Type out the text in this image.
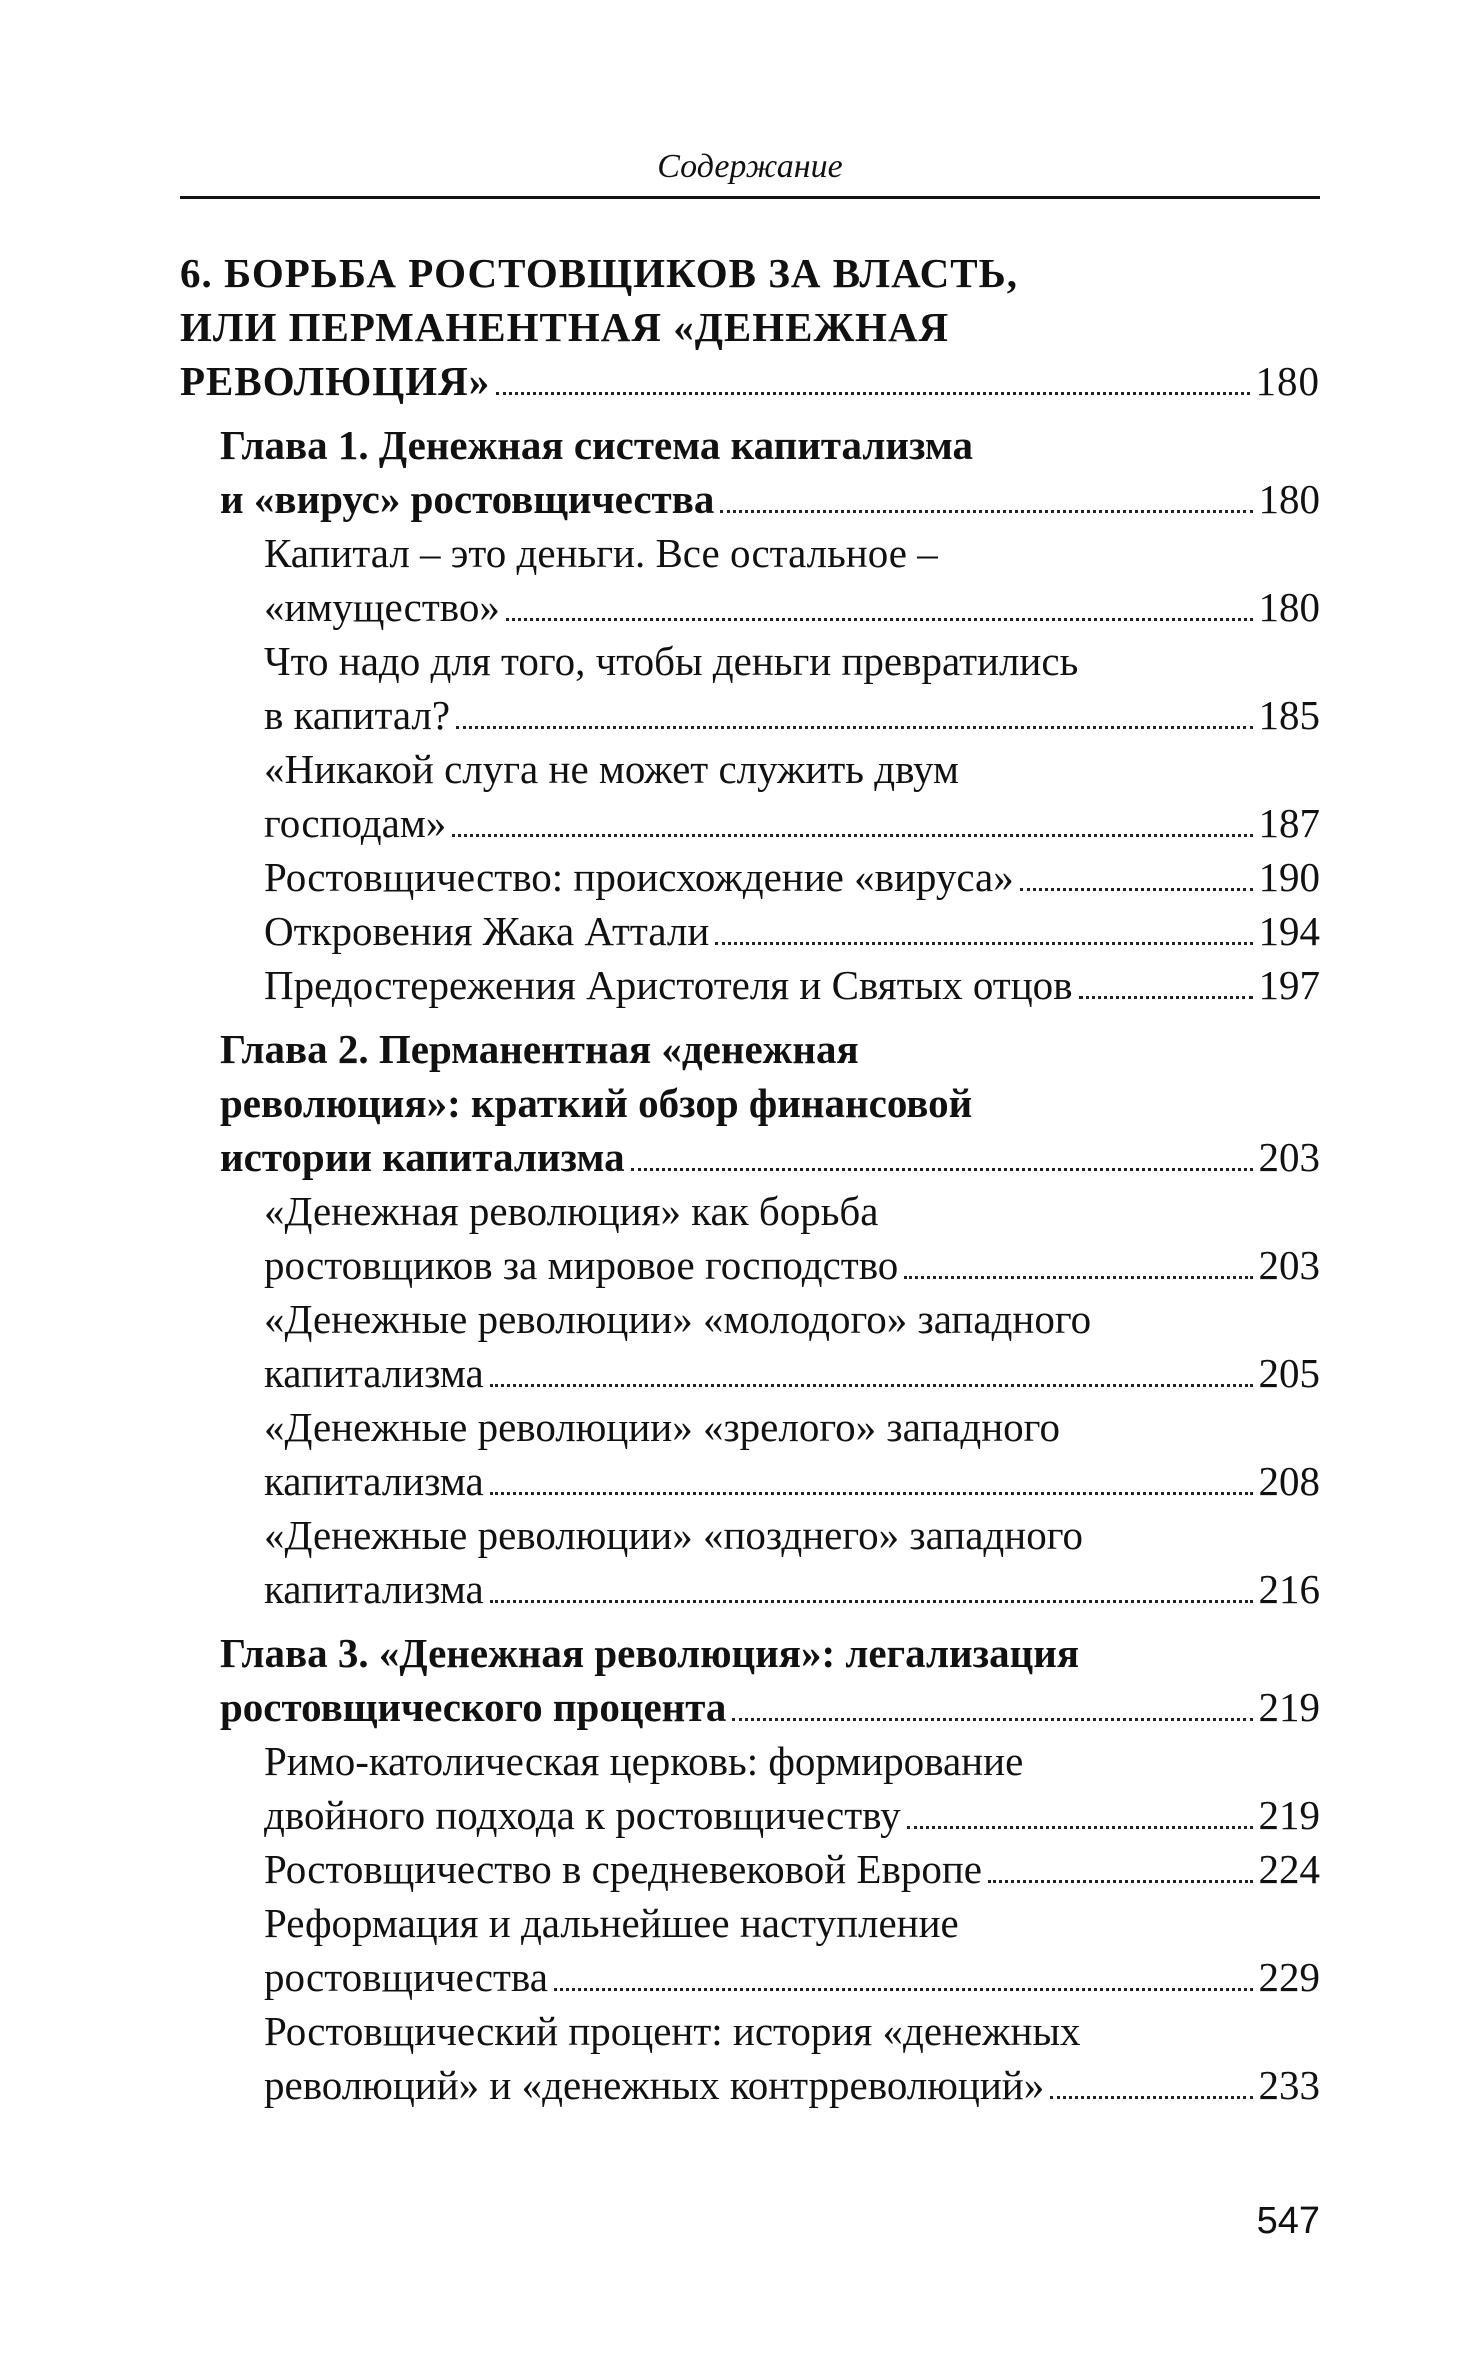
Содержание
6. БОРЬБА РОСТОВЩИКОВ ЗА ВЛАСТЬ,
ИЛИ ПЕРМАНЕНТНАЯ «ДЕНЕЖНАЯ
РЕВОЛЮЦИЯ»	180
Глава 1. Денежная система капитализма
и «вирус» ростовщичества	180
Капитал – это деньги. Все остальное –
«имущество»	180
Что надо для того, чтобы деньги превратились
в капитал?	185
«Никакой слуга не может служить двум
господам»	187
Ростовщичество: происхождение «вируса»	190
Откровения Жака Аттали	194
Предостережения Аристотеля и Святых отцов	197
Глава 2. Перманентная «денежная
революция»: краткий обзор финансовой
истории капитализма	203
«Денежная революция» как борьба
ростовщиков за мировое господство	203
«Денежные революции» «молодого» западного
капитализма	205
«Денежные революции» «зрелого» западного
капитализма	208
«Денежные революции» «позднего» западного
капитализма	216
Глава 3. «Денежная революция»: легализация
ростовщического процента	219
Римо-католическая церковь: формирование
двойного подхода к ростовщичеству	219
Ростовщичество в средневековой Европе	224
Реформация и дальнейшее наступление
ростовщичества	229
Ростовщический процент: история «денежных
революций» и «денежных контрреволюций»	233
547
